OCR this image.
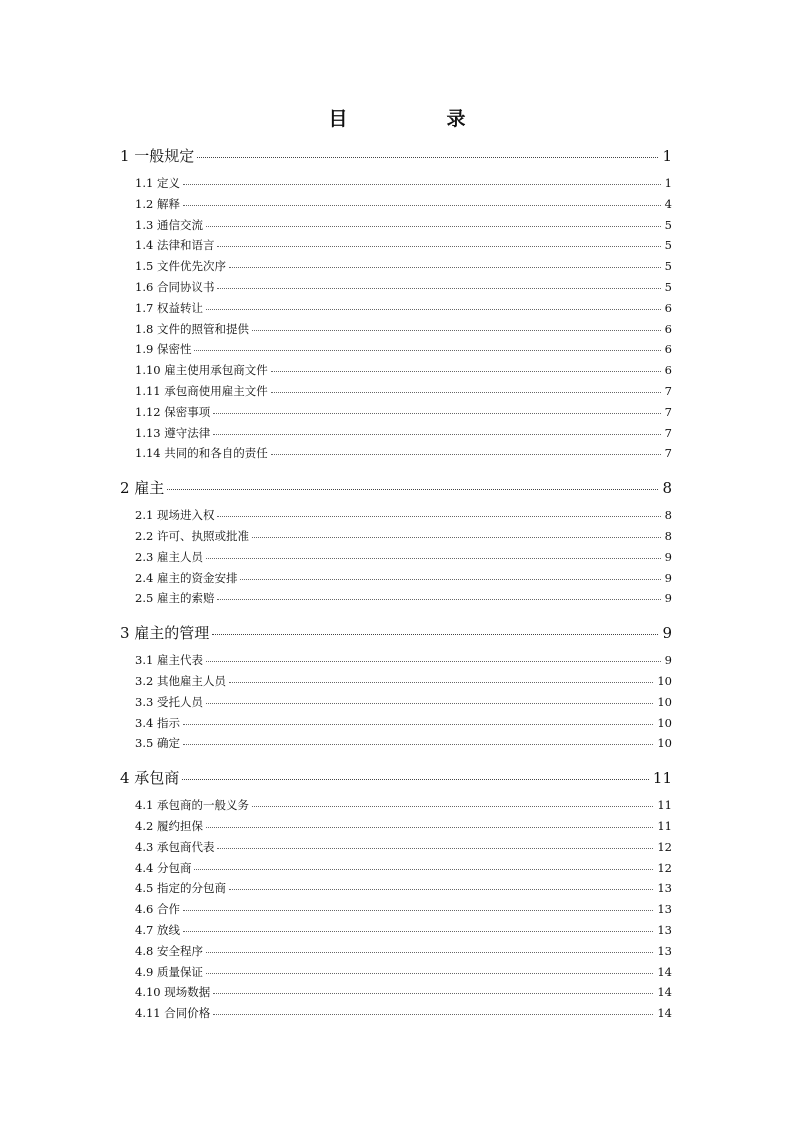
目　录
1 一般规定	1
1.1 定义	1
1.2 解释	4
1.3 通信交流	5
1.4 法律和语言	5
1.5 文件优先次序	5
1.6 合同协议书	5
1.7 权益转让	6
1.8 文件的照管和提供	6
1.9 保密性	6
1.10 雇主使用承包商文件	6
1.11 承包商使用雇主文件	7
1.12 保密事项	7
1.13 遵守法律	7
1.14 共同的和各自的责任	7
2 雇主	8
2.1 现场进入权	8
2.2 许可、执照或批准	8
2.3 雇主人员	9
2.4 雇主的资金安排	9
2.5 雇主的索赔	9
3 雇主的管理	9
3.1 雇主代表	9
3.2 其他雇主人员	10
3.3 受托人员	10
3.4 指示	10
3.5 确定	10
4 承包商	11
4.1 承包商的一般义务	11
4.2 履约担保	11
4.3 承包商代表	12
4.4 分包商	12
4.5 指定的分包商	13
4.6 合作	13
4.7 放线	13
4.8 安全程序	13
4.9 质量保证	14
4.10 现场数据	14
4.11 合同价格	14
